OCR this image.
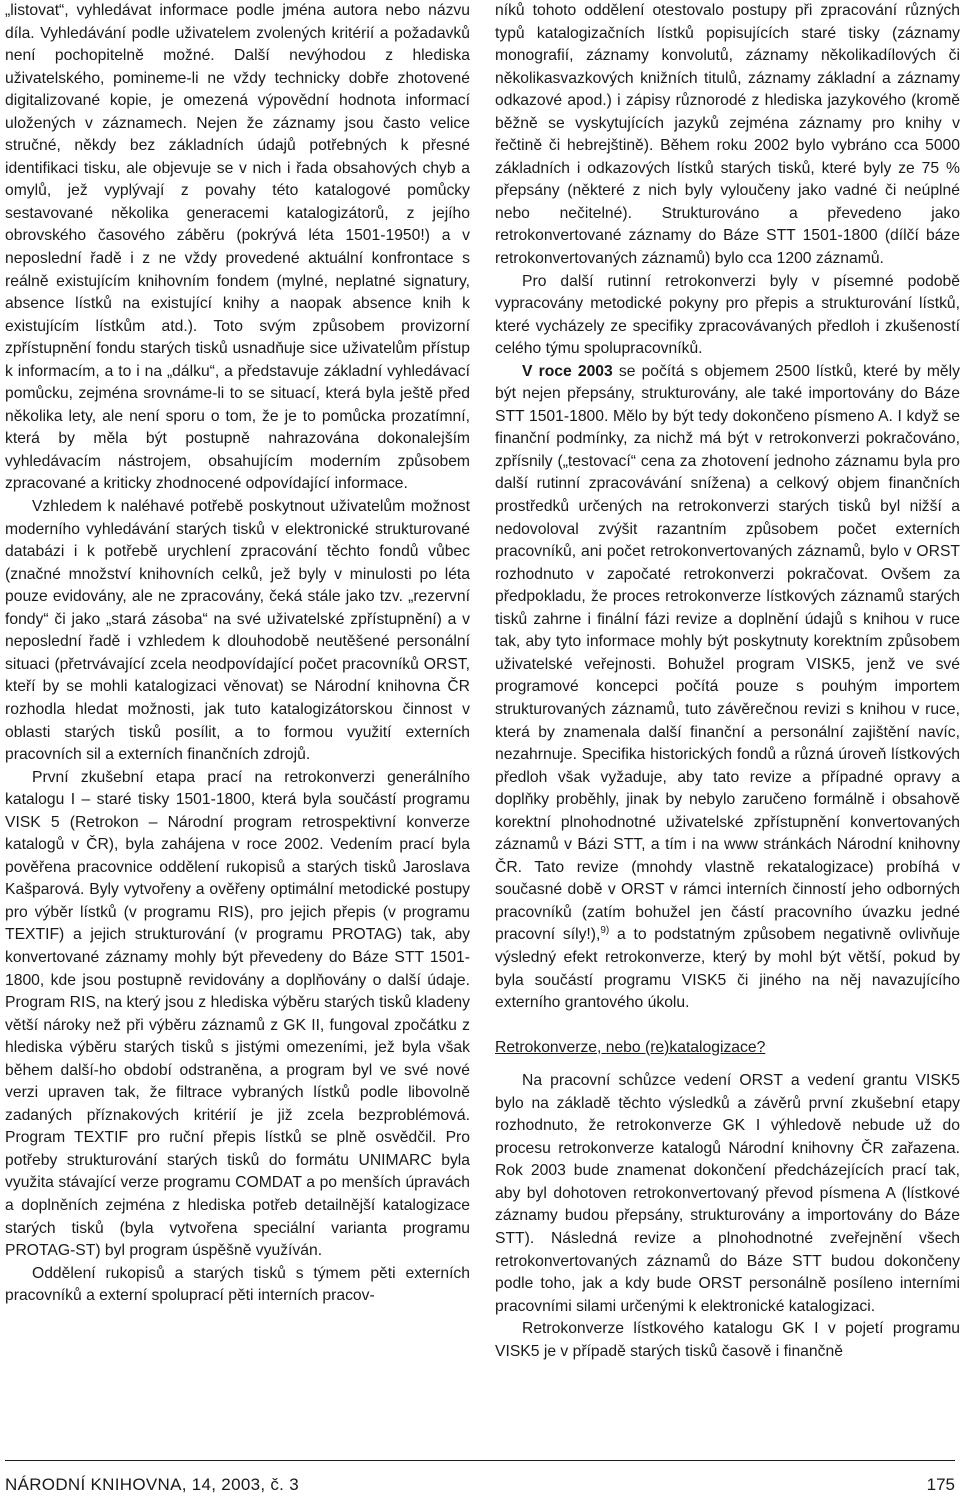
„listovat“, vyhledávat informace podle jména autora nebo názvu díla. Vyhledávání podle uživatelem zvolených kritérií a požadavků není pochopitelně možné. Další nevýhodou z hlediska uživatelského, pomineme-li ne vždy technicky dobře zhotovené digitalizované kopie, je omezená výpovědní hodnota informací uložených v záznamech. Nejen že záznamy jsou často velice stručné, někdy bez základních údajů potřebných k přesné identifikaci tisku, ale objevuje se v nich i řada obsahových chyb a omylů, jež vyplývají z povahy této katalogové pomůcky sestavované několika generacemi katalogizátorů, z jejího obrovského časového záběru (pokrývá léta 1501-1950!) a v neposlední řadě i z ne vždy provedené aktuální konfrontace s reálně existujícím knihovním fondem (mylné, neplatné signatury, absence lístků na existující knihy a naopak absence knih k existujícím lístkům atd.). Toto svým způsobem provizorní zpřístupnění fondu starých tisků usnadňuje sice uživatelům přístup k informacím, a to i na „dálku“, a představuje základní vyhledávací pomůcku, zejména srovnáme-li to se situací, která byla ještě před několika lety, ale není sporu o tom, že je to pomůcka prozatímní, která by měla být postupně nahrazována dokonalejším vyhledávacím nástrojem, obsahujícím moderním způsobem zpracované a kriticky zhodnocené odpovídající informace.

Vzhledem k naléhavé potřebě poskytnout uživatelům možnost moderního vyhledávání starých tisků v elektronické strukturované databázi i k potřebě urychlení zpracování těchto fondů vůbec (značné množství knihovních celků, jež byly v minulosti po léta pouze evidovány, ale ne zpracovány, čeká stále jako tzv. „rezervní fondy“ či jako „stará zásoba“ na své uživatelské zpřístupnění) a v neposlední řadě i vzhledem k dlouhodobě neutěšené personální situaci (přetrvávající zcela neodpovídající počet pracovníků ORST, kteří by se mohli katalogizaci věnovat) se Národní knihovna ČR rozhodla hledat možnosti, jak tuto katalogizátorskou činnost v oblasti starých tisků posílit, a to formou využití externích pracovních sil a externích finančních zdrojů.

První zkušební etapa prací na retrokonverzi generálního katalogu I – staré tisky 1501-1800, která byla součástí programu VISK 5 (Retrokon – Národní program retrospektivní konverze katalogů v ČR), byla zahájena v roce 2002. Vedením prací byla pověřena pracovnice oddělení rukopisů a starých tisků Jaroslava Kašparová. Byly vytvořeny a ověřeny optimální metodické postupy pro výběr lístků (v programu RIS), pro jejich přepis (v programu TEXTIF) a jejich strukturování (v programu PROTAG) tak, aby konvertované záznamy mohly být převedeny do Báze STT 1501-1800, kde jsou postupně revidovány a doplňovány o další údaje. Program RIS, na který jsou z hlediska výběru starých tisků kladeny větší nároky než při výběru záznamů z GK II, fungoval zpočátku z hlediska výběru starých tisků s jistými omezeními, jež byla však během další-ho období odstraněna, a program byl ve své nové verzi upraven tak, že filtrace vybraných lístků podle libovolně zadaných příznakových kritérií je již zcela bezproblémová. Program TEXTIF pro ruční přepis lístků se plně osvědčil. Pro potřeby strukturování starých tisků do formátu UNIMARC byla využita stávající verze programu COMDAT a po menších úpravách a doplněních zejména z hlediska potřeb detailnější katalogizace starých tisků (byla vytvořena speciální varianta programu PROTAG-ST) byl program úspěšně využíván.

Oddělení rukopisů a starých tisků s týmem pěti externích pracovníků a externí spoluprací pěti interních pracov-

níků tohoto oddělení otestovalo postupy při zpracování různých typů katalogizačních lístků popisujících staré tisky (záznamy monografií, záznamy konvolutů, záznamy několikadílových či několikasvazkových knižních titulů, záznamy základní a záznamy odkazové apod.) i zápisy různorodé z hlediska jazykového (kromě běžně se vyskytujících jazyků zejména záznamy pro knihy v řečtině či hebrejštině). Během roku 2002 bylo vybráno cca 5000 základních i odkazových lístků starých tisků, které byly ze 75 % přepsány (některé z nich byly vyloučeny jako vadné či neúplné nebo nečitelné). Strukturováno a převedeno jako retrokonvertované záznamy do Báze STT 1501-1800 (dílčí báze retrokonvertovaných záznamů) bylo cca 1200 záznamů.

Pro další rutinní retrokonverzi byly v písemné podobě vypracovány metodické pokyny pro přepis a strukturování lístků, které vycházely ze specifiky zpracovávaných předloh i zkušeností celého týmu spolupracovníků.

V roce 2003 se počítá s objemem 2500 lístků, které by měly být nejen přepsány, strukturovány, ale také importovány do Báze STT 1501-1800. Mělo by být tedy dokončeno písmeno A. I když se finanční podmínky, za nichž má být v retrokonverzi pokračováno, zpřísnily („testovací“ cena za zhotovení jednoho záznamu byla pro další rutinní zpracovávání snížena) a celkový objem finančních prostředků určených na retrokonverzi starých tisků byl nižší a nedovoloval zvýšit razantním způsobem počet externích pracovníků, ani počet retrokonvertovaných záznamů, bylo v ORST rozhodnuto v započaté retrokonverzi pokračovat. Ovšem za předpokladu, že proces retrokonverze lístkových záznamů starých tisků zahrne i finální fázi revize a doplnění údajů s knihou v ruce tak, aby tyto informace mohly být poskytnuty korektním způsobem uživatelské veřejnosti. Bohužel program VISK5, jenž ve své programové koncepci počítá pouze s pouhým importem strukturovaných záznamů, tuto závěrečnou revizi s knihou v ruce, která by znamenala další finanční a personální zajištění navíc, nezahrnuje. Specifika historických fondů a různá úroveň lístkových předloh však vyžaduje, aby tato revize a případné opravy a doplňky proběhly, jinak by nebylo zaručeno formálně i obsahově korektní plnohodnotné uživatelské zpřístupnění konvertovaných záznamů v Bázi STT, a tím i na www stránkách Národní knihovny ČR. Tato revize (mnohdy vlastně rekatalogizace) probíhá v současné době v ORST v rámci interních činností jeho odborných pracovníků (zatím bohužel jen částí pracovního úvazku jedné pracovní síly!),$^{9)}$ a to podstatným způsobem negativně ovlivňuje výsledný efekt retrokonverze, který by mohl být větší, pokud by byla součástí programu VISK5 či jiného na něj navazujícího externího grantového úkolu.

Retrokonverze, nebo (re)katalogizace?

Na pracovní schůzce vedení ORST a vedení grantu VISK5 bylo na základě těchto výsledků a závěrů první zkušební etapy rozhodnuto, že retrokonverze GK I výhledově nebude už do procesu retrokonverze katalogů Národní knihovny ČR zařazena. Rok 2003 bude znamenat dokončení předcházejících prací tak, aby byl dohotoven retrokonvertovaný převod písmena A (lístkové záznamy budou přepsány, strukturovány a importovány do Báze STT). Následná revize a plnohodnotné zveřejnění všech retrokonvertovaných záznamů do Báze STT budou dokončeny podle toho, jak a kdy bude ORST personálně posíleno interními pracovními silami určenými k elektronické katalogizaci.

Retrokonverze lístkového katalogu GK I v pojetí programu VISK5 je v případě starých tisků časově i finančně

NÁRODNÍ KNIHOVNA, 14, 2003, č. 3	175
